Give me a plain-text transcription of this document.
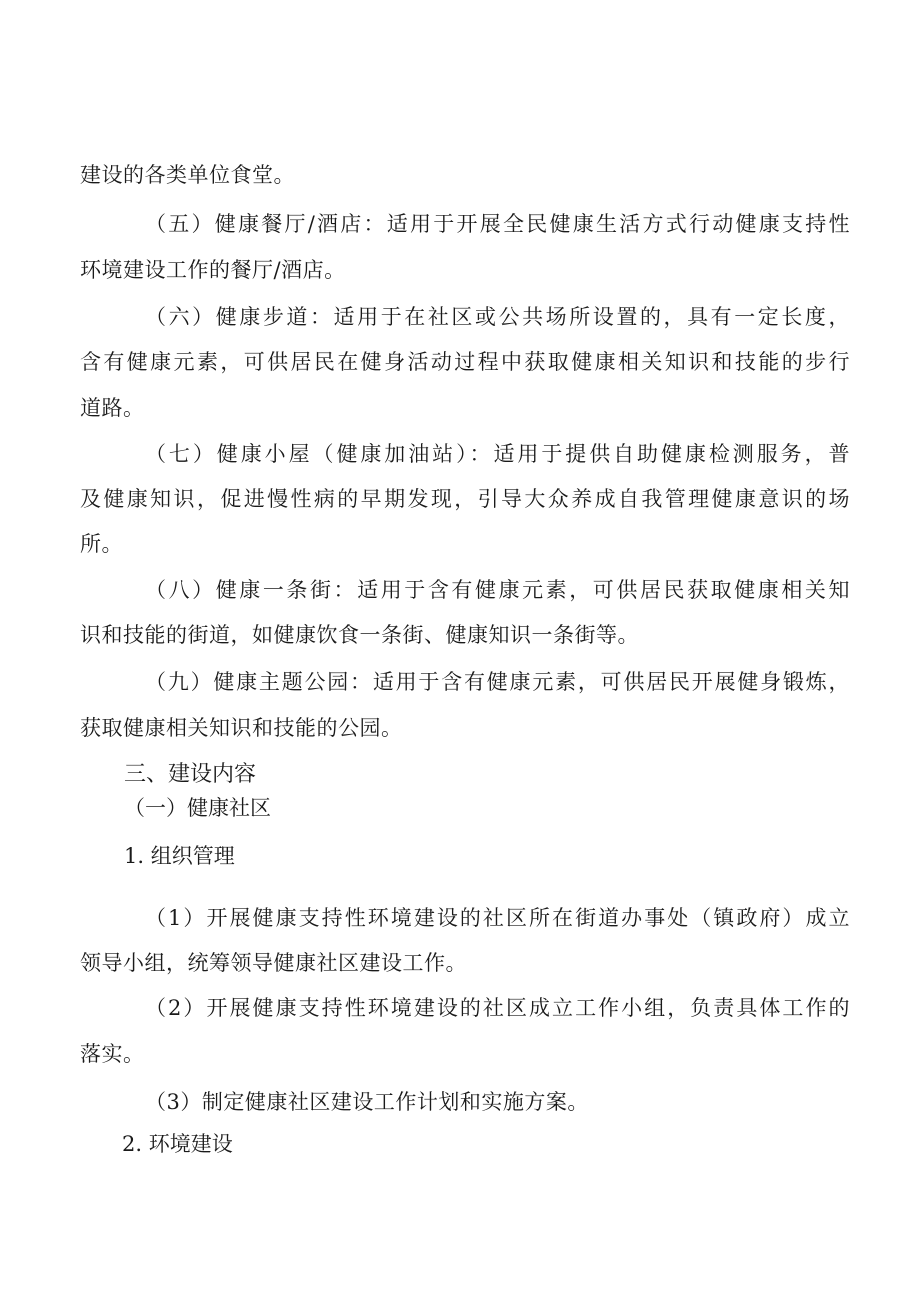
建设的各类单位食堂。
（五）健康餐厅/酒店：适用于开展全民健康生活方式行动健康支持性
环境建设工作的餐厅/酒店。
（六）健康步道：适用于在社区或公共场所设置的，具有一定长度，
含有健康元素，可供居民在健身活动过程中获取健康相关知识和技能的步行
道路。
（七）健康小屋（健康加油站）：适用于提供自助健康检测服务，普
及健康知识，促进慢性病的早期发现，引导大众养成自我管理健康意识的场
所。
（八）健康一条街：适用于含有健康元素，可供居民获取健康相关知
识和技能的街道，如健康饮食一条街、健康知识一条街等。
（九）健康主题公园：适用于含有健康元素，可供居民开展健身锻炼，
获取健康相关知识和技能的公园。
三、建设内容
（一）健康社区
1. 组织管理
（1）开展健康支持性环境建设的社区所在街道办事处（镇政府）成立
领导小组，统筹领导健康社区建设工作。
（2）开展健康支持性环境建设的社区成立工作小组，负责具体工作的
落实。
（3）制定健康社区建设工作计划和实施方案。
2. 环境建设
